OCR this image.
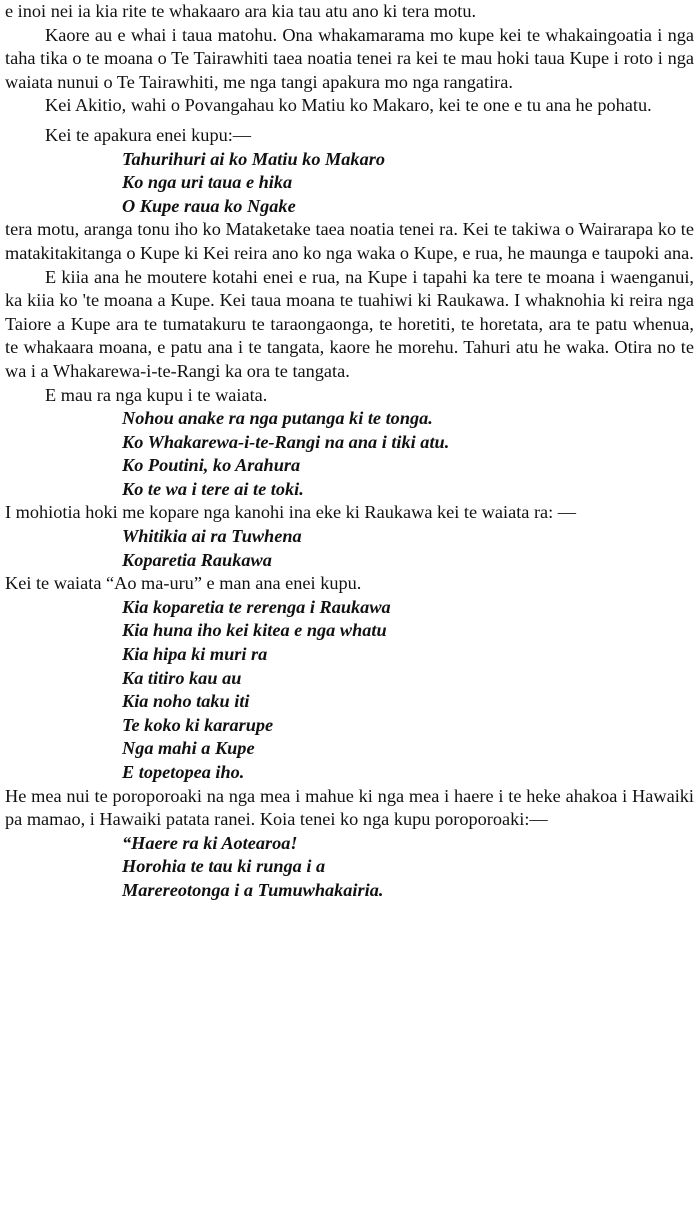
e inoi nei ia kia rite te whakaaro ara kia tau atu ano ki tera motu.

Kaore au e whai i taua matohu. Ona whakamarama mo kupe kei te whakaingoatia i nga taha tika o te moana o Te Tairawhiti taea noatia tenei ra kei te mau hoki taua Kupe i roto i nga waiata nunui o Te Tairawhiti, me nga tangi apakura mo nga rangatira.

Kei Akitio, wahi o Povangahau ko Matiu ko Makaro, kei te one e tu ana he pohatu.

Kei te apakura enei kupu:—

Tahurihuri ai ko Matiu ko Makaro
Ko nga uri taua e hika
O Kupe raua ko Ngake

tera motu, aranga tonu iho ko Mataketake taea noatia tenei ra. Kei te takiwa o Wairarapa ko te matakitakitanga o Kupe ki Kei reira ano ko nga waka o Kupe, e rua, he maunga e taupoki ana.

E kiia ana he moutere kotahi enei e rua, na Kupe i tapahi ka tere te moana i waenganui, ka kiia ko 'te moana a Kupe. Kei taua moana te tuahiwi ki Raukawa. I whaknohia ki reira nga Taiore a Kupe ara te tumatakuru te taraongaonga, te horetiti, te horetata, ara te patu whenua, te whakaara moana, e patu ana i te tangata, kaore he morehu. Tahuri atu he waka. Otira no te wa i a Whakarewa-i-te-Rangi ka ora te tangata.

E mau ra nga kupu i te waiata.

Nohou anake ra nga putanga ki te tonga.
Ko Whakarewa-i-te-Rangi na ana i tiki atu.
Ko Poutini, ko Arahura
Ko te wa i tere ai te toki.

I mohiotia hoki me kopare nga kanohi ina eke ki Raukawa kei te waiata ra: —

Whitikia ai ra Tuwhena
Koparetia Raukawa

Kei te waiata “Ao ma-uru” e man ana enei kupu.

Kia koparetia te rerenga i Raukawa
Kia huna iho kei kitea e nga whatu
Kia hipa ki muri ra
Ka titiro kau au
Kia noho taku iti
Te koko ki kararupe
Nga mahi a Kupe
E topetopea iho.

He mea nui te poroporoaki na nga mea i mahue ki nga mea i haere i te heke ahakoa i Hawaiki pa mamao, i Hawaiki patata ranei. Koia tenei ko nga kupu poroporoaki:—

“Haere ra ki Aotearoa!
Horohia te tau ki runga i a
Marereotonga i a Tumuwhakairia.
